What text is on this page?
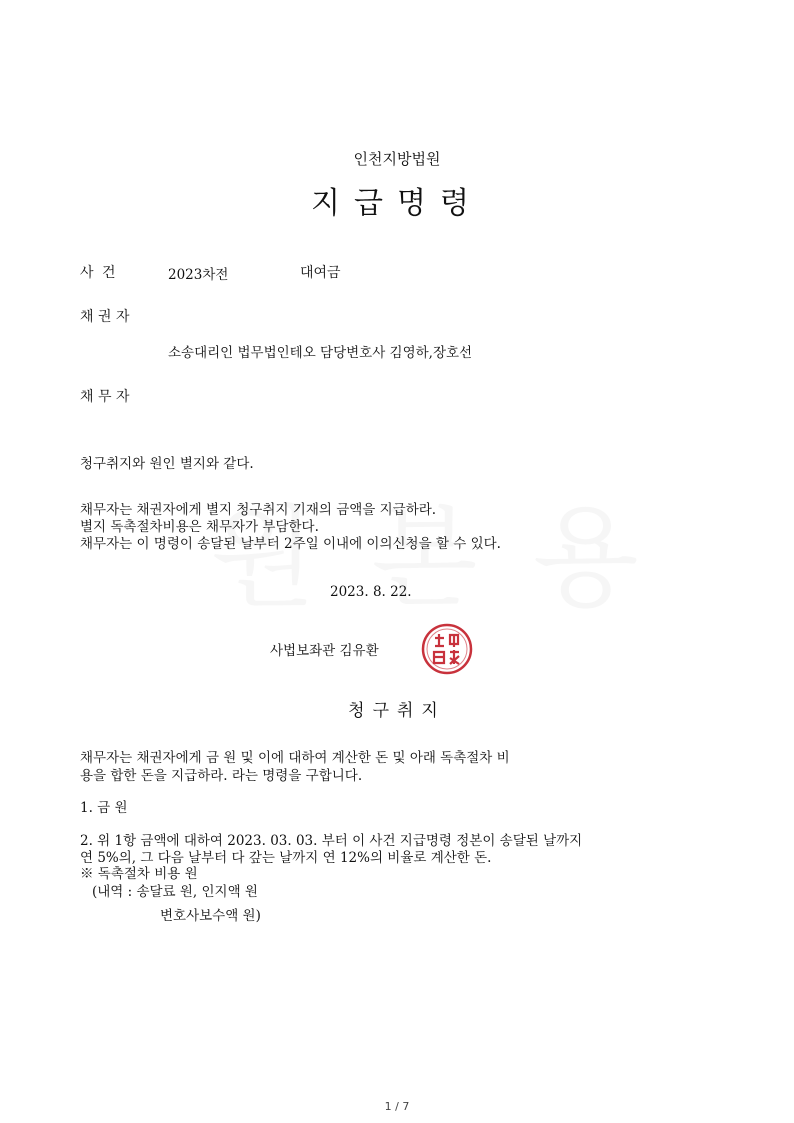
인천지방법원
지급명령
사 건	2023차전	대여금
채 권 자
소송대리인 법무법인테오 담당변호사 김영하,장호선
채 무 자
청구취지와 원인 별지와 같다.
채무자는 채권자에게 별지 청구취지 기재의 금액을 지급하라.
별지 독촉절차비용은 채무자가 부담한다.
채무자는 이 명령이 송달된 날부터 2주일 이내에 이의신청을 할 수 있다.
2023. 8. 22.
사법보좌관 김유환
청구취지
채무자는 채권자에게 금 원 및 이에 대하여 계산한 돈 및 아래 독촉절차 비
용을 합한 돈을 지급하라. 라는 명령을 구합니다.
1. 금 원
2. 위 1항 금액에 대하여 2023. 03. 03. 부터 이 사건 지급명령 정본이 송달된 날까지
연 5%의, 그 다음 날부터 다 갚는 날까지 연 12%의 비율로 계산한 돈.
※ 독촉절차 비용 원
(내역 : 송달료 원, 인지액 원
변호사보수액 원)
1 / 7
